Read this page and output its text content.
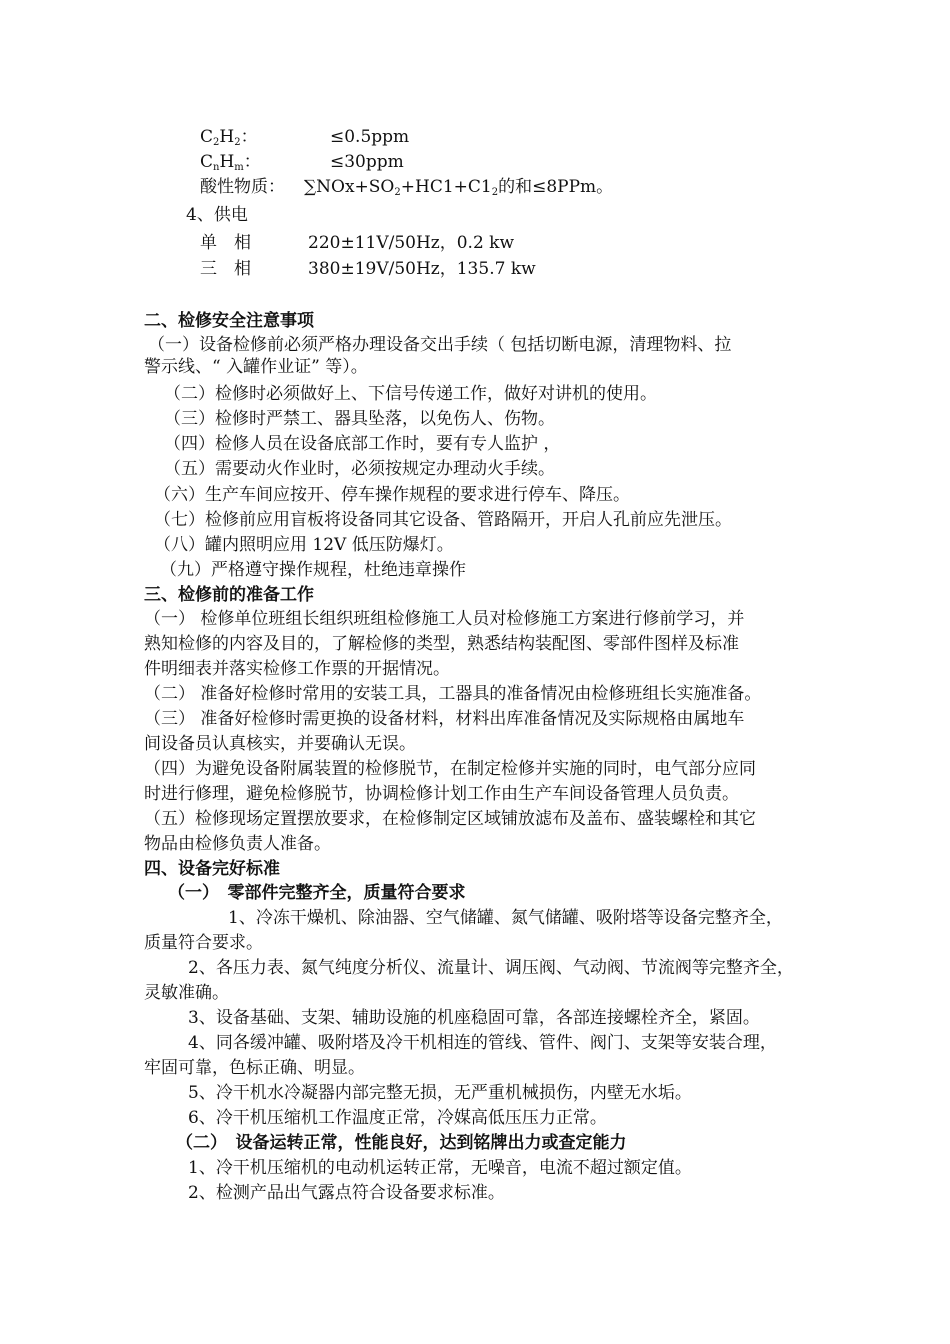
$C_2H_2$：	≤0.5ppm
$C_nH_m$：	≤30ppm
酸性物质： $\sum NOx+SO_2+HC1+C1_2$的和≤8PPm。
4、供电
单　相	220±11V/50Hz，0.2 kw
三　相	380±19V/50Hz，135.7 kw
二、检修安全注意事项
（一）设备检修前必须严格办理设备交出手续（ 包括切断电源，清理物料、拉
警示线、“ 入罐作业证” 等）。
（二）检修时必须做好上、下信号传递工作，做好对讲机的使用。
（三）检修时严禁工、器具坠落，以免伤人、伤物。
（四）检修人员在设备底部工作时，要有专人监护 ，
（五）需要动火作业时，必须按规定办理动火手续。
（六）生产车间应按开、停车操作规程的要求进行停车、降压。
（七）检修前应用盲板将设备同其它设备、管路隔开，开启人孔前应先泄压。
（八）罐内照明应用 12V 低压防爆灯。
（九）严格遵守操作规程，杜绝违章操作
三、检修前的准备工作
（一） 检修单位班组长组织班组检修施工人员对检修施工方案进行修前学习，并
熟知检修的内容及目的，了解检修的类型，熟悉结构装配图、零部件图样及标准
件明细表并落实检修工作票的开据情况。
（二） 准备好检修时常用的安装工具，工器具的准备情况由检修班组长实施准备。
（三） 准备好检修时需更换的设备材料，材料出库准备情况及实际规格由属地车
间设备员认真核实，并要确认无误。
（四）为避免设备附属装置的检修脱节，在制定检修并实施的同时，电气部分应同
时进行修理，避免检修脱节，协调检修计划工作由生产车间设备管理人员负责。
（五）检修现场定置摆放要求，在检修制定区域铺放滤布及盖布、盛装螺栓和其它
物品由检修负责人准备。
四、设备完好标准
（一）　零部件完整齐全，质量符合要求
1、冷冻干燥机、除油器、空气储罐、氮气储罐、吸附塔等设备完整齐全，
质量符合要求。
2、各压力表、氮气纯度分析仪、流量计、调压阀、气动阀、节流阀等完整齐全，
灵敏准确。
3、设备基础、支架、辅助设施的机座稳固可靠，各部连接螺栓齐全，紧固。
4、同各缓冲罐、吸附塔及冷干机相连的管线、管件、阀门、支架等安装合理，
牢固可靠，色标正确、明显。
5、冷干机水冷凝器内部完整无损，无严重机械损伤，内壁无水垢。
6、冷干机压缩机工作温度正常，冷媒高低压压力正常。
（二）　设备运转正常，性能良好，达到铭牌出力或查定能力
1、冷干机压缩机的电动机运转正常，无噪音，电流不超过额定值。
2、检测产品出气露点符合设备要求标准。
